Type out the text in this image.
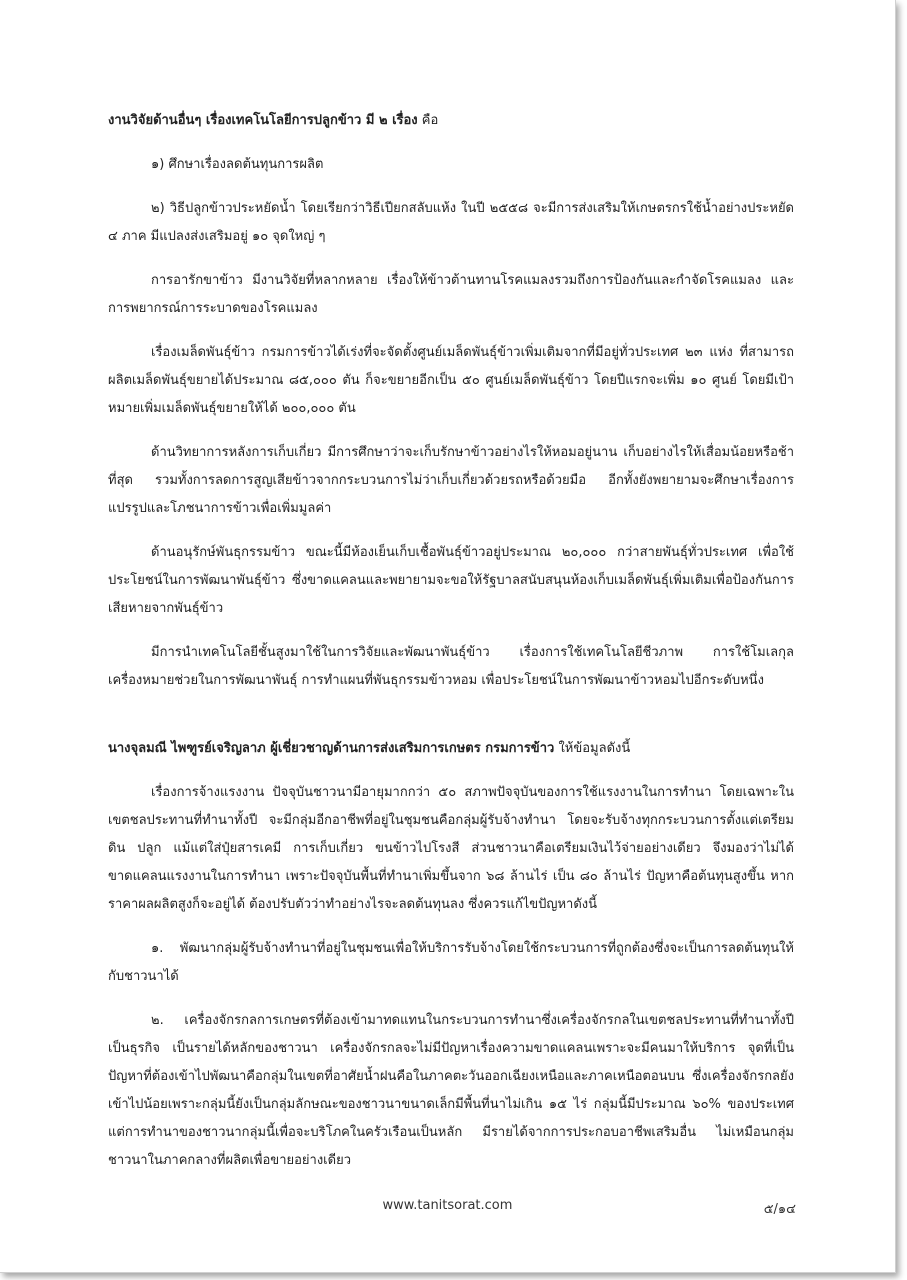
งานวิจัยด้านอื่นๆ เรื่องเทคโนโลยีการปลูกข้าว มี ๒ เรื่อง คือ

๑) ศึกษาเรื่องลดต้นทุนการผลิต

๒) วิธีปลูกข้าวประหยัดน้ำ โดยเรียกว่าวิธีเปียกสลับแห้ง ในปี ๒๕๕๘ จะมีการส่งเสริมให้เกษตรกรใช้น้ำอย่างประหยัด ๔ ภาค มีแปลงส่งเสริมอยู่ ๑๐ จุดใหญ่ ๆ

การอารักขาข้าว มีงานวิจัยที่หลากหลาย เรื่องให้ข้าวต้านทานโรคแมลงรวมถึงการป้องกันและกำจัดโรคแมลง และการพยากรณ์การระบาดของโรคแมลง

เรื่องเมล็ดพันธุ์ข้าว กรมการข้าวได้เร่งที่จะจัดตั้งศูนย์เมล็ดพันธุ์ข้าวเพิ่มเติมจากที่มีอยู่ทั่วประเทศ ๒๓ แห่ง ที่สามารถผลิตเมล็ดพันธุ์ขยายได้ประมาณ ๘๕,๐๐๐ ตัน ก็จะขยายอีกเป็น ๕๐ ศูนย์เมล็ดพันธุ์ข้าว โดยปีแรกจะเพิ่ม ๑๐ ศูนย์ โดยมีเป้าหมายเพิ่มเมล็ดพันธุ์ขยายให้ได้ ๒๐๐,๐๐๐ ตัน

ด้านวิทยาการหลังการเก็บเกี่ยว มีการศึกษาว่าจะเก็บรักษาข้าวอย่างไรให้หอมอยู่นาน เก็บอย่างไรให้เสื่อมน้อยหรือช้าที่สุด รวมทั้งการลดการสูญเสียข้าวจากกระบวนการไม่ว่าเก็บเกี่ยวด้วยรถหรือด้วยมือ อีกทั้งยังพยายามจะศึกษาเรื่องการแปรรูปและโภชนาการข้าวเพื่อเพิ่มมูลค่า

ด้านอนุรักษ์พันธุกรรมข้าว ขณะนี้มีห้องเย็นเก็บเชื้อพันธุ์ข้าวอยู่ประมาณ ๒๐,๐๐๐ กว่าสายพันธุ์ทั่วประเทศ เพื่อใช้ประโยชน์ในการพัฒนาพันธุ์ข้าว ซึ่งขาดแคลนและพยายามจะขอให้รัฐบาลสนับสนุนห้องเก็บเมล็ดพันธุ์เพิ่มเติมเพื่อป้องกันการเสียหายจากพันธุ์ข้าว

มีการนำเทคโนโลยีชั้นสูงมาใช้ในการวิจัยและพัฒนาพันธุ์ข้าว เรื่องการใช้เทคโนโลยีชีวภาพ การใช้โมเลกุลเครื่องหมายช่วยในการพัฒนาพันธุ์ การทำแผนที่พันธุกรรมข้าวหอม เพื่อประโยชน์ในการพัฒนาข้าวหอมไปอีกระดับหนึ่ง

นางจุลมณี ไพฑูรย์เจริญลาภ ผู้เชี่ยวชาญด้านการส่งเสริมการเกษตร กรมการข้าว ให้ข้อมูลดังนี้

เรื่องการจ้างแรงงาน ปัจจุบันชาวนามีอายุมากกว่า ๕๐ สภาพปัจจุบันของการใช้แรงงานในการทำนา โดยเฉพาะในเขตชลประทานที่ทำนาทั้งปี จะมีกลุ่มอีกอาชีพที่อยู่ในชุมชนคือกลุ่มผู้รับจ้างทำนา โดยจะรับจ้างทุกกระบวนการตั้งแต่เตรียมดิน ปลูก แม้แต่ใส่ปุ๋ยสารเคมี การเก็บเกี่ยว ขนข้าวไปโรงสี ส่วนชาวนาคือเตรียมเงินไว้จ่ายอย่างเดียว จึงมองว่าไม่ได้ขาดแคลนแรงงานในการทำนา เพราะปัจจุบันพื้นที่ทำนาเพิ่มขึ้นจาก ๖๘ ล้านไร่ เป็น ๘๐ ล้านไร่ ปัญหาคือต้นทุนสูงขึ้น หากราคาผลผลิตสูงก็จะอยู่ได้ ต้องปรับตัวว่าทำอย่างไรจะลดต้นทุนลง ซึ่งควรแก้ไขปัญหาดังนี้

๑. พัฒนากลุ่มผู้รับจ้างทำนาที่อยู่ในชุมชนเพื่อให้บริการรับจ้างโดยใช้กระบวนการที่ถูกต้องซึ่งจะเป็นการลดต้นทุนให้กับชาวนาได้

๒. เครื่องจักรกลการเกษตรที่ต้องเข้ามาทดแทนในกระบวนการทำนาซึ่งเครื่องจักรกลในเขตชลประทานที่ทำนาทั้งปีเป็นธุรกิจ เป็นรายได้หลักของชาวนา เครื่องจักรกลจะไม่มีปัญหาเรื่องความขาดแคลนเพราะจะมีคนมาให้บริการ จุดที่เป็นปัญหาที่ต้องเข้าไปพัฒนาคือกลุ่มในเขตที่อาศัยน้ำฝนคือในภาคตะวันออกเฉียงเหนือและภาคเหนือตอนบน ซึ่งเครื่องจักรกลยังเข้าไปน้อยเพราะกลุ่มนี้ยังเป็นกลุ่มลักษณะของชาวนาขนาดเล็กมีพื้นที่นาไม่เกิน ๑๕ ไร่ กลุ่มนี้มีประมาณ ๖๐% ของประเทศ แต่การทำนาของชาวนากลุ่มนี้เพื่อจะบริโภคในครัวเรือนเป็นหลัก มีรายได้จากการประกอบอาชีพเสริมอื่น ไม่เหมือนกลุ่มชาวนาในภาคกลางที่ผลิตเพื่อขายอย่างเดียว

www.tanitsorat.com	๕/๑๔
